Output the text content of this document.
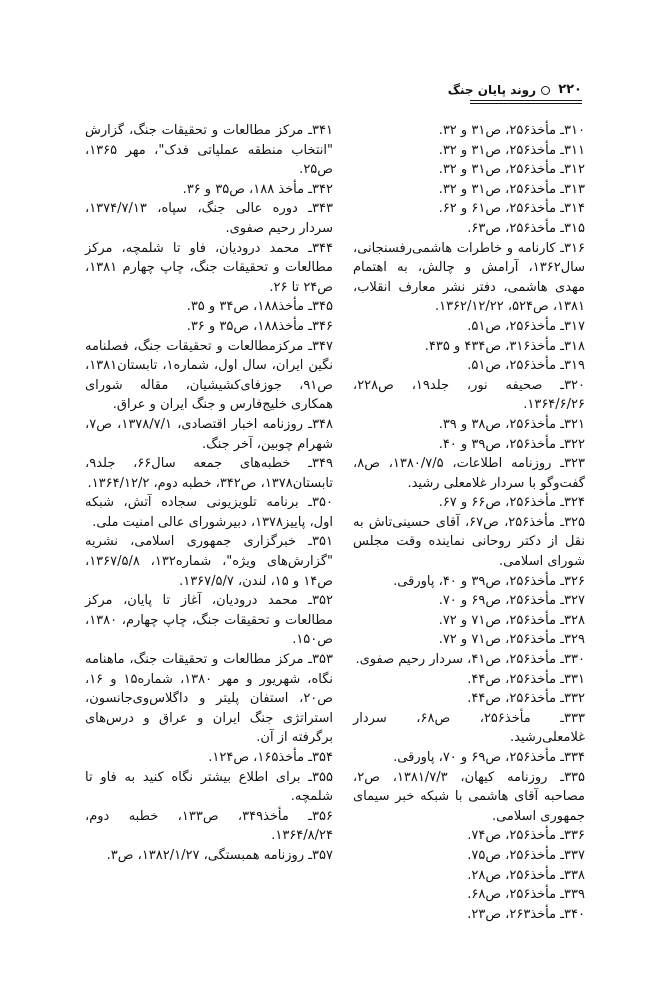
۲۲۰
روند پایان جنگ

۳۱۰ـ مأخذ۲۵۶، ص۳۱ و ۳۲.

۳۱۱ـ مأخذ۲۵۶، ص۳۱ و ۳۲.

۳۱۲ـ مأخذ۲۵۶، ص۳۱ و ۳۲.

۳۱۳ـ مأخذ۲۵۶، ص۳۱ و ۳۲.

۳۱۴ـ مأخذ۲۵۶، ص۶۱ و ۶۲.

۳۱۵ـ مأخذ۲۵۶، ص۶۳.

۳۱۶ـ کارنامه و خاطرات هاشمی‌رفسنجانی، سال۱۳۶۲، آرامش و چالش، به اهتمام مهدی هاشمی، دفتر نشر معارف انقلاب، ۱۳۸۱، ص۵۲۴، ۱۳۶۲/۱۲/۲۲.

۳۱۷ـ مأخذ۲۵۶، ص۵۱.

۳۱۸ـ مأخذ۳۱۶، ص۴۳۴ و ۴۳۵.

۳۱۹ـ مأخذ۲۵۶، ص۵۱.

۳۲۰ـ صحیفه نور، جلد۱۹، ص۲۲۸، ۱۳۶۴/۶/۲۶.

۳۲۱ـ مأخذ۲۵۶، ص۳۸ و ۳۹.

۳۲۲ـ مأخذ۲۵۶، ص۳۹ و ۴۰.

۳۲۳ـ روزنامه اطلاعات، ۱۳۸۰/۷/۵، ص۸، گفت‌وگو با سردار غلامعلی رشید.

۳۲۴ـ مأخذ۲۵۶، ص۶۶ و ۶۷.

۳۲۵ـ مأخذ۲۵۶، ص۶۷، آقای حسینی‌تاش به نقل از دکتر روحانی نماینده وقت مجلس شورای اسلامی.

۳۲۶ـ مأخذ۲۵۶، ص۳۹ و ۴۰، پاورقی.

۳۲۷ـ مأخذ۲۵۶، ص۶۹ و ۷۰.

۳۲۸ـ مأخذ۲۵۶، ص۷۱ و ۷۲.

۳۲۹ـ مأخذ۲۵۶، ص۷۱ و ۷۲.

۳۳۰ـ مأخذ۲۵۶، ص۴۱، سردار رحیم صفوی.

۳۳۱ـ مأخذ۲۵۶، ص۴۴.

۳۳۲ـ مأخذ۲۵۶، ص۴۴.

۳۳۳ـ مأخذ۲۵۶، ص۶۸، سردار غلامعلی‌رشید.

۳۳۴ـ مأخذ۲۵۶، ص۶۹ و ۷۰، پاورقی.

۳۳۵ـ روزنامه کیهان، ۱۳۸۱/۷/۳، ص۲، مصاحبه آقای هاشمی با شبکه خبر سیمای جمهوری اسلامی.

۳۳۶ـ مأخذ۲۵۶، ص۷۴.

۳۳۷ـ مأخذ۲۵۶، ص۷۵.

۳۳۸ـ مأخذ۲۵۶، ص۲۸.

۳۳۹ـ مأخذ۲۵۶، ص۶۸.

۳۴۰ـ مأخذ۲۶۳، ص۲۳.

۳۴۱ـ مرکز مطالعات و تحقیقات جنگ، گزارش "انتخاب منطقه عملیاتی فدک"، مهر ۱۳۶۵، ص۲۵.

۳۴۲ـ مأخذ ۱۸۸، ص۳۵ و ۳۶.

۳۴۳ـ دوره عالی جنگ، سپاه، ۱۳۷۴/۷/۱۳، سردار رحیم صفوی.

۳۴۴ـ محمد درودیان، فاو تا شلمچه، مرکز مطالعات و تحقیقات جنگ، چاپ چهارم ۱۳۸۱، ص۲۴ تا ۲۶.

۳۴۵ـ مأخذ۱۸۸، ص۳۴ و ۳۵.

۳۴۶ـ مأخذ۱۸۸، ص۳۵ و ۳۶.

۳۴۷ـ مرکزمطالعات و تحقیقات جنگ، فصلنامه نگین ایران، سال اول، شماره۱، تابستان۱۳۸۱، ص۹۱، جوزفای‌کشیشیان، مقاله شورای همکاری خلیج‌فارس و جنگ ایران و عراق.

۳۴۸ـ روزنامه اخبار اقتصادی، ۱۳۷۸/۷/۱، ص۷، شهرام چوبین، آخر جنگ.

۳۴۹ـ خطبه‌های جمعه سال۶۶، جلد۹، تابستان۱۳۷۸، ص۳۴۲، خطبه دوم، ۱۳۶۴/۱۲/۲.

۳۵۰ـ برنامه تلویزیونی سجاده آتش، شبکه اول، پاییز۱۳۷۸، دبیرشورای عالی امنیت ملی.

۳۵۱ـ خبرگزاری جمهوری اسلامی، نشریه "گزارش‌های ویژه"، شماره۱۳۲، ۱۳۶۷/۵/۸، ص۱۴ و ۱۵، لندن، ۱۳۶۷/۵/۷.

۳۵۲ـ محمد درودیان، آغاز تا پایان، مرکز مطالعات و تحقیقات جنگ، چاپ چهارم، ۱۳۸۰، ص۱۵۰.

۳۵۳ـ مرکز مطالعات و تحقیقات جنگ، ماهنامه نگاه، شهریور و مهر ۱۳۸۰، شماره۱۵ و ۱۶، ص۲۰، استفان پلیتر و داگلاس‌وی‌جانسون، استراتژی جنگ ایران و عراق و درس‌های برگرفته از آن.

۳۵۴ـ مأخذ۱۶۵، ص۱۲۴.

۳۵۵ـ برای اطلاع بیشتر نگاه کنید به فاو تا شلمچه.

۳۵۶ـ مأخذ۳۴۹، ص۱۳۳، خطبه دوم، ۱۳۶۴/۸/۲۴.

۳۵۷ـ روزنامه همبستگی، ۱۳۸۲/۱/۲۷، ص۳.
